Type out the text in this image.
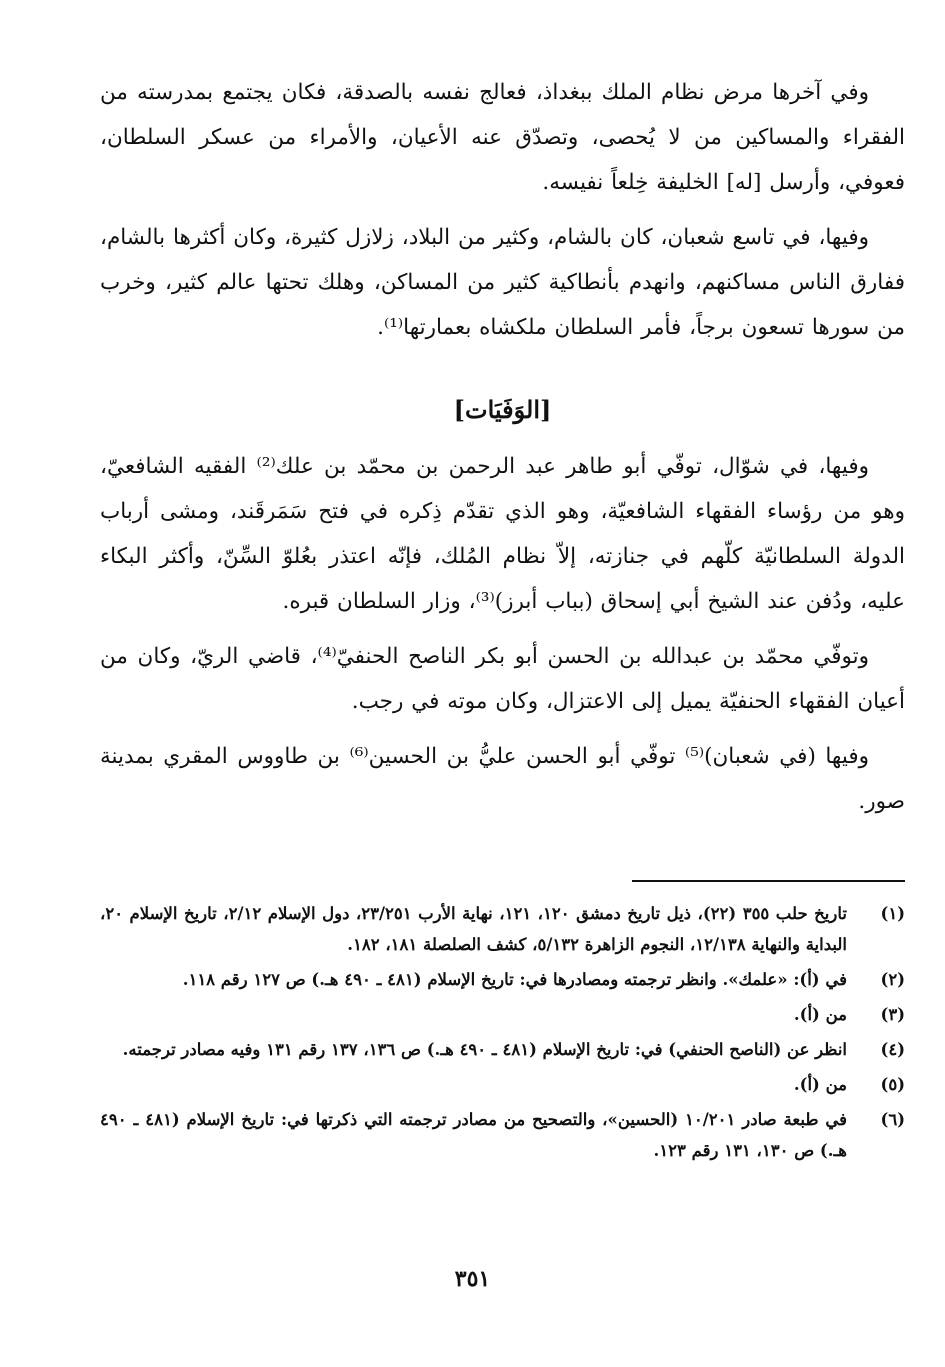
وفي آخرها مرض نظام الملك ببغداذ، فعالج نفسه بالصدقة، فكان يجتمع بمدرسته من الفقراء والمساكين من لا يُحصى، وتصدّق عنه الأعيان، والأمراء من عسكر السلطان، فعوفي، وأرسل [له] الخليفة خِلعاً نفيسه.

وفيها، في تاسع شعبان، كان بالشام، وكثير من البلاد، زلازل كثيرة، وكان أكثرها بالشام، ففارق الناس مساكنهم، وانهدم بأنطاكية كثير من المساكن، وهلك تحتها عالم كثير، وخرب من سورها تسعون برجاً، فأمر السلطان ملكشاه بعمارتها⁽¹⁾.

[الوَفَيَات]

وفيها، في شوّال، توفّي أبو طاهر عبد الرحمن بن محمّد بن علك⁽²⁾ الفقيه الشافعيّ، وهو من رؤساء الفقهاء الشافعيّة، وهو الذي تقدّم ذِكره في فتح سَمَرقَند، ومشى أرباب الدولة السلطانيّة كلّهم في جنازته، إلاّ نظام المُلك، فإنّه اعتذر بعُلوّ السِّنّ، وأكثر البكاء عليه، ودُفن عند الشيخ أبي إسحاق (بباب أبرز)⁽³⁾، وزار السلطان قبره.

وتوفّي محمّد بن عبدالله بن الحسن أبو بكر الناصح الحنفيّ⁽⁴⁾، قاضي الريّ، وكان من أعيان الفقهاء الحنفيّة يميل إلى الاعتزال، وكان موته في رجب.

وفيها (في شعبان)⁽⁵⁾ توفّي أبو الحسن عليُّ بن الحسين⁽⁶⁾ بن طاووس المقري بمدينة صور.

(١)
تاريخ حلب ٣٥٥ (٢٢)، ذيل تاريخ دمشق ١٢٠، ١٢١، نهاية الأرب ٢٣/٢٥١، دول الإسلام ٢/١٢، تاريخ الإسلام ٢٠، البداية والنهاية ١٢/١٣٨، النجوم الزاهرة ٥/١٣٢، كشف الصلصلة ١٨١، ١٨٢.
(٢)
في (أ): «علمك». وانظر ترجمته ومصادرها في: تاريخ الإسلام (٤٨١ ـ ٤٩٠ هـ.) ص ١٢٧ رقم ١١٨.
(٣)
من (أ).
(٤)
انظر عن (الناصح الحنفي) في: تاريخ الإسلام (٤٨١ ـ ٤٩٠ هـ.) ص ١٣٦، ١٣٧ رقم ١٣١ وفيه مصادر ترجمته.
(٥)
من (أ).
(٦)
في طبعة صادر ١٠/٢٠١ (الحسين»، والتصحيح من مصادر ترجمته التي ذكرتها في: تاريخ الإسلام (٤٨١ ـ ٤٩٠ هـ.) ص ١٣٠، ١٣١ رقم ١٢٣.
٣٥١
